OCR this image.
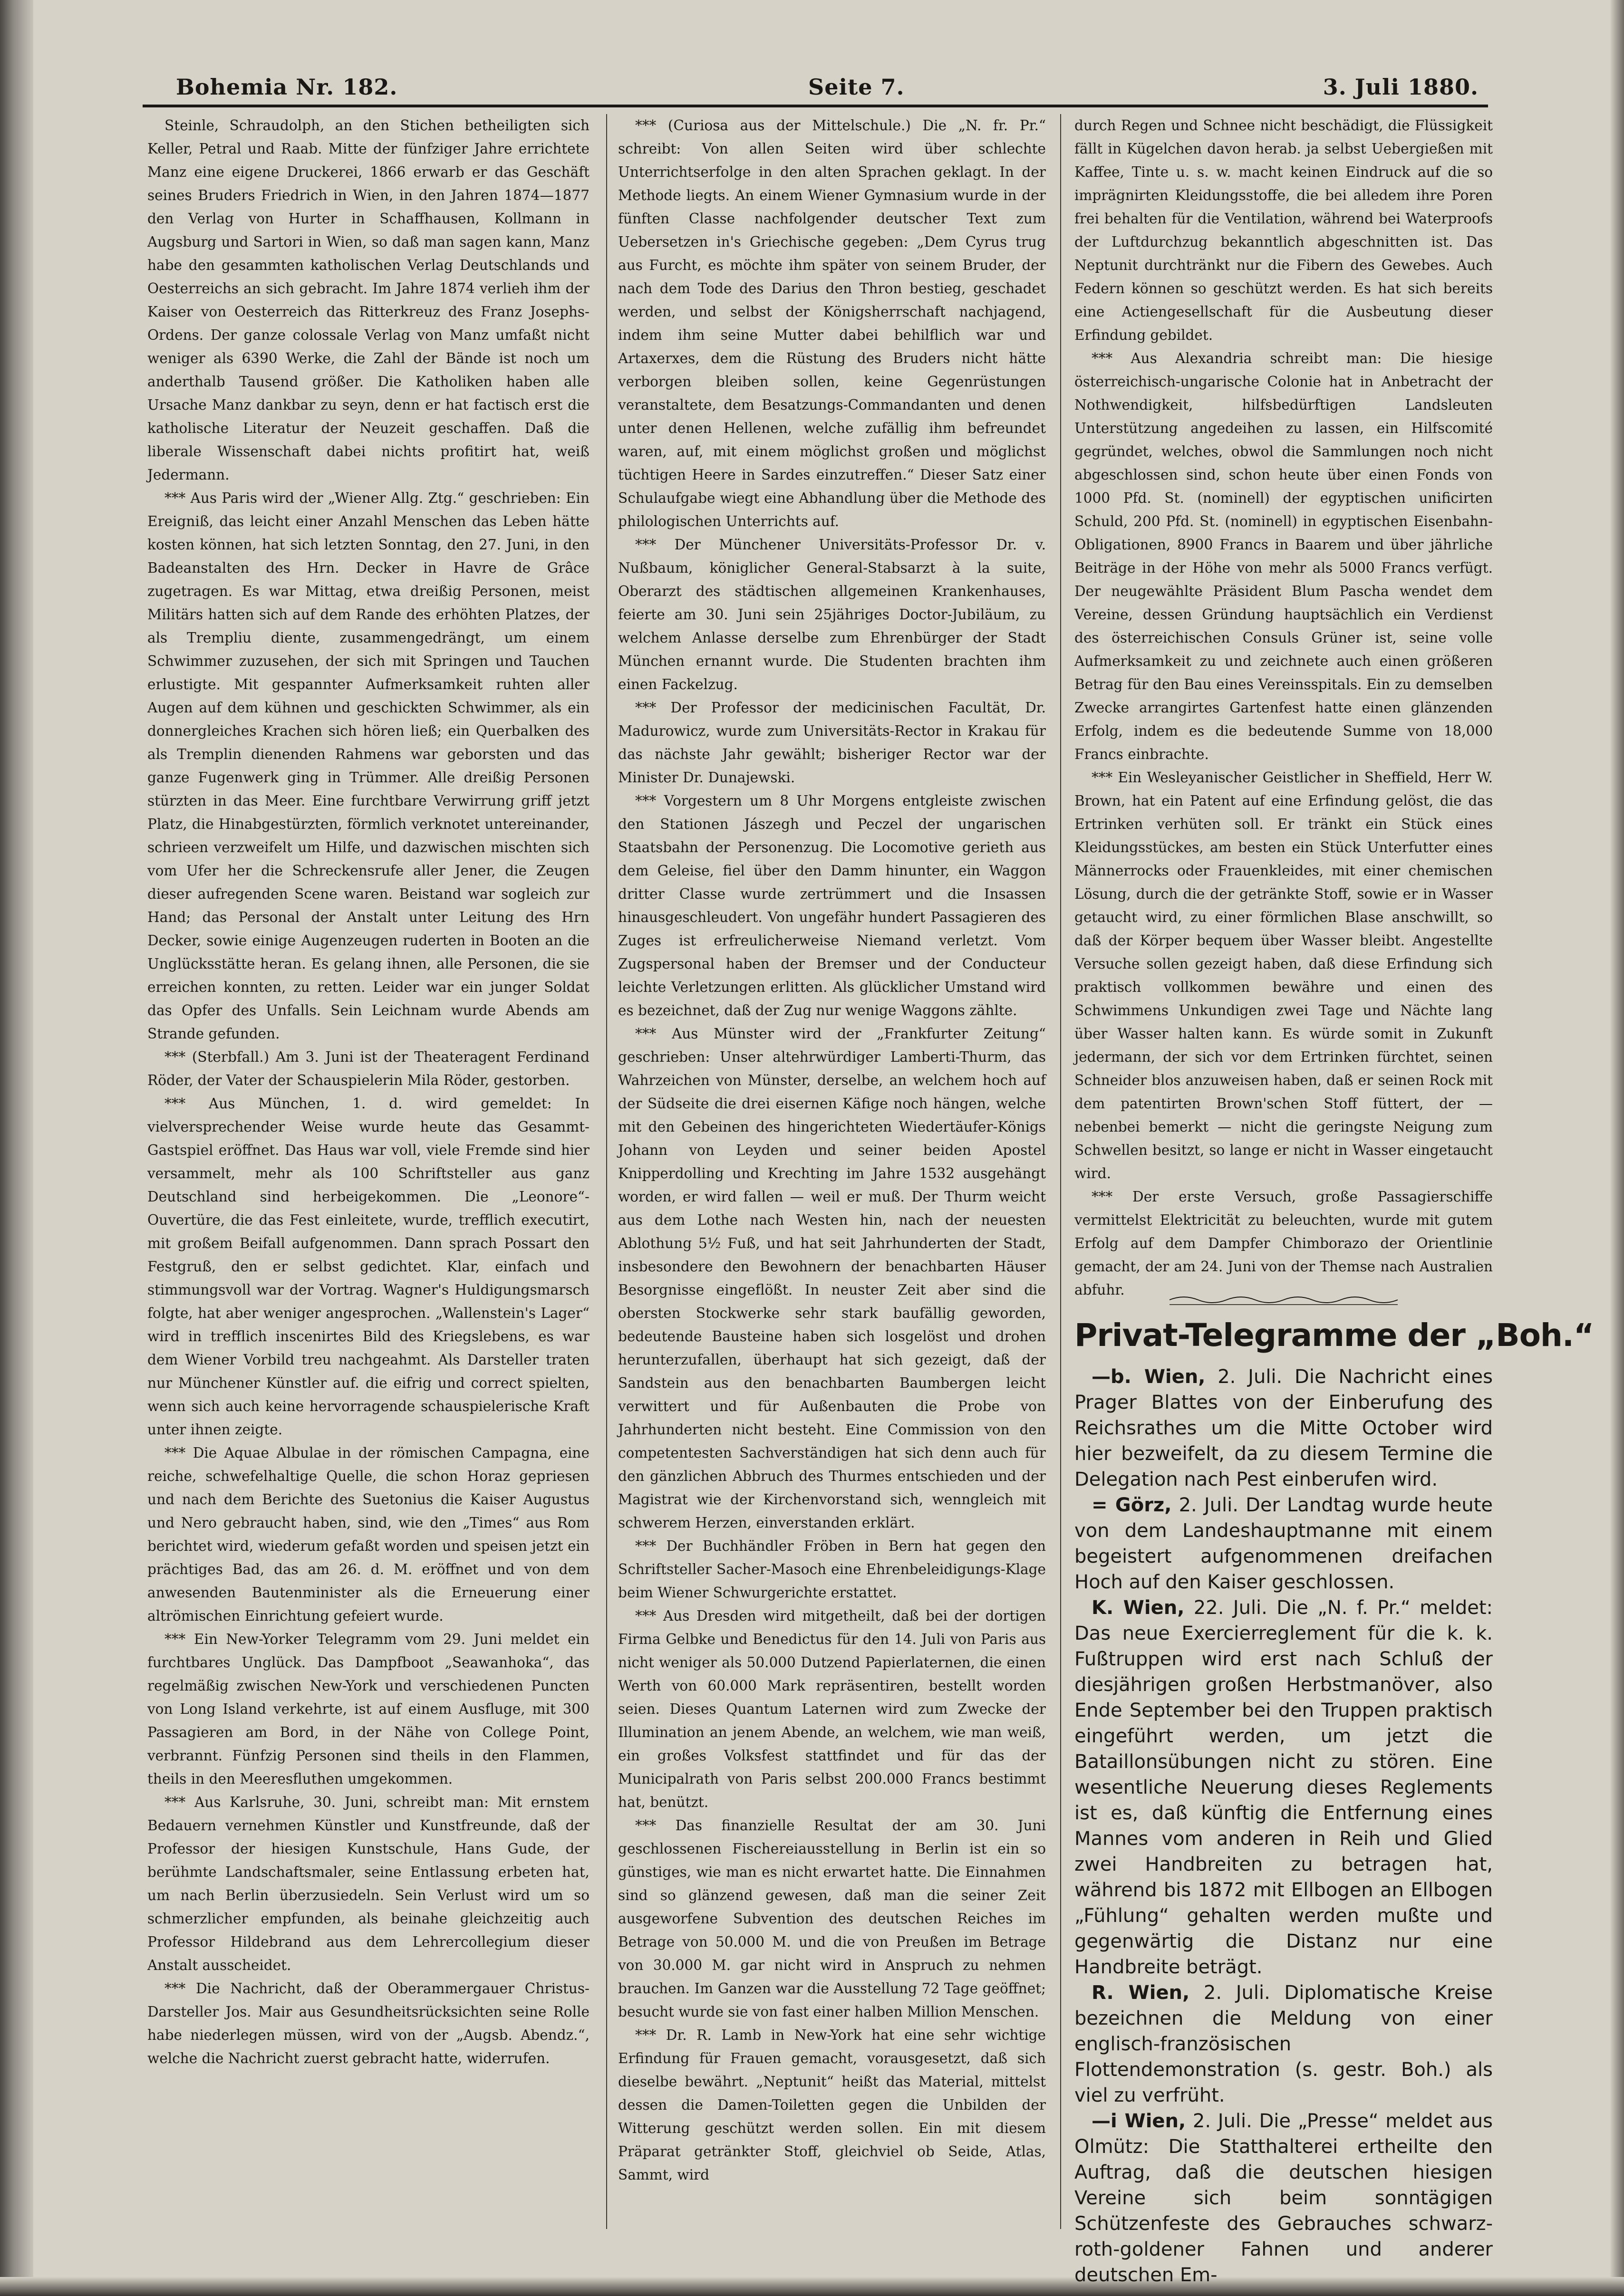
Bohemia Nr. 182.	Seite 7.	3. Juli 1880.

Steinle, Schraudolph, an den Stichen betheiligten sich Keller, Petral und Raab. Mitte der fünfziger Jahre errichtete Manz eine eigene Druckerei, 1866 erwarb er das Geschäft seines Bruders Friedrich in Wien, in den Jahren 1874—1877 den Verlag von Hurter in Schaffhausen, Kollmann in Augsburg und Sartori in Wien, so daß man sagen kann, Manz habe den gesammten katholischen Verlag Deutschlands und Oesterreichs an sich gebracht. Im Jahre 1874 verlieh ihm der Kaiser von Oesterreich das Ritterkreuz des Franz Josephs-Ordens. Der ganze colossale Verlag von Manz umfaßt nicht weniger als 6390 Werke, die Zahl der Bände ist noch um anderthalb Tausend größer. Die Katholiken haben alle Ursache Manz dankbar zu seyn, denn er hat factisch erst die katholische Literatur der Neuzeit geschaffen. Daß die liberale Wissenschaft dabei nichts profitirt hat, weiß Jedermann.

*** Aus Paris wird der „Wiener Allg. Ztg.“ geschrieben: Ein Ereigniß, das leicht einer Anzahl Menschen das Leben hätte kosten können, hat sich letzten Sonntag, den 27. Juni, in den Badeanstalten des Hrn. Decker in Havre de Grâce zugetragen. Es war Mittag, etwa dreißig Personen, meist Militärs hatten sich auf dem Rande des erhöhten Platzes, der als Trempliu diente, zusammengedrängt, um einem Schwimmer zuzusehen, der sich mit Springen und Tauchen erlustigte. Mit gespannter Aufmerksamkeit ruhten aller Augen auf dem kühnen und geschickten Schwimmer, als ein donnergleiches Krachen sich hören ließ; ein Querbalken des als Tremplin dienenden Rahmens war geborsten und das ganze Fugenwerk ging in Trümmer. Alle dreißig Personen stürzten in das Meer. Eine furchtbare Verwirrung griff jetzt Platz, die Hinabgestürzten, förmlich verknotet untereinander, schrieen verzweifelt um Hilfe, und dazwischen mischten sich vom Ufer her die Schreckensrufe aller Jener, die Zeugen dieser aufregenden Scene waren. Beistand war sogleich zur Hand; das Personal der Anstalt unter Leitung des Hrn Decker, sowie einige Augenzeugen ruderten in Booten an die Unglücksstätte heran. Es gelang ihnen, alle Personen, die sie erreichen konnten, zu retten. Leider war ein junger Soldat das Opfer des Unfalls. Sein Leichnam wurde Abends am Strande gefunden.

*** (Sterbfall.) Am 3. Juni ist der Theateragent Ferdinand Röder, der Vater der Schauspielerin Mila Röder, gestorben.

*** Aus München, 1. d. wird gemeldet: In vielversprechender Weise wurde heute das Gesammt-Gastspiel eröffnet. Das Haus war voll, viele Fremde sind hier versammelt, mehr als 100 Schriftsteller aus ganz Deutschland sind herbeigekommen. Die „Leonore“-Ouvertüre, die das Fest einleitete, wurde, trefflich executirt, mit großem Beifall aufgenommen. Dann sprach Possart den Festgruß, den er selbst gedichtet. Klar, einfach und stimmungsvoll war der Vortrag. Wagner's Huldigungsmarsch folgte, hat aber weniger angesprochen. „Wallenstein's Lager“ wird in trefflich inscenirtes Bild des Kriegslebens, es war dem Wiener Vorbild treu nachgeahmt. Als Darsteller traten nur Münchener Künstler auf. die eifrig und correct spielten, wenn sich auch keine hervorragende schauspielerische Kraft unter ihnen zeigte.

*** Die Aquae Albulae in der römischen Campagna, eine reiche, schwefelhaltige Quelle, die schon Horaz gepriesen und nach dem Berichte des Suetonius die Kaiser Augustus und Nero gebraucht haben, sind, wie den „Times“ aus Rom berichtet wird, wiederum gefaßt worden und speisen jetzt ein prächtiges Bad, das am 26. d. M. eröffnet und von dem anwesenden Bautenminister als die Erneuerung einer altrömischen Einrichtung gefeiert wurde.

*** Ein New-Yorker Telegramm vom 29. Juni meldet ein furchtbares Unglück. Das Dampfboot „Seawanhoka“, das regelmäßig zwischen New-York und verschiedenen Puncten von Long Island verkehrte, ist auf einem Ausfluge, mit 300 Passagieren am Bord, in der Nähe von College Point, verbrannt. Fünfzig Personen sind theils in den Flammen, theils in den Meeresfluthen umgekommen.

*** Aus Karlsruhe, 30. Juni, schreibt man: Mit ernstem Bedauern vernehmen Künstler und Kunstfreunde, daß der Professor der hiesigen Kunstschule, Hans Gude, der berühmte Landschaftsmaler, seine Entlassung erbeten hat, um nach Berlin überzusiedeln. Sein Verlust wird um so schmerzlicher empfunden, als beinahe gleichzeitig auch Professor Hildebrand aus dem Lehrercollegium dieser Anstalt ausscheidet.

*** Die Nachricht, daß der Oberammergauer Christus-Darsteller Jos. Mair aus Gesundheitsrücksichten seine Rolle habe niederlegen müssen, wird von der „Augsb. Abendz.“, welche die Nachricht zuerst gebracht hatte, widerrufen.

*** (Curiosa aus der Mittelschule.) Die „N. fr. Pr.“ schreibt: Von allen Seiten wird über schlechte Unterrichtserfolge in den alten Sprachen geklagt. In der Methode liegts. An einem Wiener Gymnasium wurde in der fünften Classe nachfolgender deutscher Text zum Uebersetzen in's Griechische gegeben: „Dem Cyrus trug aus Furcht, es möchte ihm später von seinem Bruder, der nach dem Tode des Darius den Thron bestieg, geschadet werden, und selbst der Königsherrschaft nachjagend, indem ihm seine Mutter dabei behilflich war und Artaxerxes, dem die Rüstung des Bruders nicht hätte verborgen bleiben sollen, keine Gegenrüstungen veranstaltete, dem Besatzungs-Commandanten und denen unter denen Hellenen, welche zufällig ihm befreundet waren, auf, mit einem möglichst großen und möglichst tüchtigen Heere in Sardes einzutreffen.“ Dieser Satz einer Schulaufgabe wiegt eine Abhandlung über die Methode des philologischen Unterrichts auf.

*** Der Münchener Universitäts-Professor Dr. v. Nußbaum, königlicher General-Stabsarzt à la suite, Oberarzt des städtischen allgemeinen Krankenhauses, feierte am 30. Juni sein 25jähriges Doctor-Jubiläum, zu welchem Anlasse derselbe zum Ehrenbürger der Stadt München ernannt wurde. Die Studenten brachten ihm einen Fackelzug.

*** Der Professor der medicinischen Facultät, Dr. Madurowicz, wurde zum Universitäts-Rector in Krakau für das nächste Jahr gewählt; bisheriger Rector war der Minister Dr. Dunajewski.

*** Vorgestern um 8 Uhr Morgens entgleiste zwischen den Stationen Jászegh und Peczel der ungarischen Staatsbahn der Personenzug. Die Locomotive gerieth aus dem Geleise, fiel über den Damm hinunter, ein Waggon dritter Classe wurde zertrümmert und die Insassen hinausgeschleudert. Von ungefähr hundert Passagieren des Zuges ist erfreulicherweise Niemand verletzt. Vom Zugspersonal haben der Bremser und der Conducteur leichte Verletzungen erlitten. Als glücklicher Umstand wird es bezeichnet, daß der Zug nur wenige Waggons zählte.

*** Aus Münster wird der „Frankfurter Zeitung“ geschrieben: Unser altehrwürdiger Lamberti-Thurm, das Wahrzeichen von Münster, derselbe, an welchem hoch auf der Südseite die drei eisernen Käfige noch hängen, welche mit den Gebeinen des hingerichteten Wiedertäufer-Königs Johann von Leyden und seiner beiden Apostel Knipperdolling und Krechting im Jahre 1532 ausgehängt worden, er wird fallen — weil er muß. Der Thurm weicht aus dem Lothe nach Westen hin, nach der neuesten Ablothung 5½ Fuß, und hat seit Jahrhunderten der Stadt, insbesondere den Bewohnern der benachbarten Häuser Besorgnisse eingeflößt. In neuster Zeit aber sind die obersten Stockwerke sehr stark baufällig geworden, bedeutende Bausteine haben sich losgelöst und drohen herunterzufallen, überhaupt hat sich gezeigt, daß der Sandstein aus den benachbarten Baumbergen leicht verwittert und für Außenbauten die Probe von Jahrhunderten nicht besteht. Eine Commission von den competentesten Sachverständigen hat sich denn auch für den gänzlichen Abbruch des Thurmes entschieden und der Magistrat wie der Kirchenvorstand sich, wenngleich mit schwerem Herzen, einverstanden erklärt.

*** Der Buchhändler Fröben in Bern hat gegen den Schriftsteller Sacher-Masoch eine Ehrenbeleidigungs-Klage beim Wiener Schwurgerichte erstattet.

*** Aus Dresden wird mitgetheilt, daß bei der dortigen Firma Gelbke und Benedictus für den 14. Juli von Paris aus nicht weniger als 50.000 Dutzend Papierlaternen, die einen Werth von 60.000 Mark repräsentiren, bestellt worden seien. Dieses Quantum Laternen wird zum Zwecke der Illumination an jenem Abende, an welchem, wie man weiß, ein großes Volksfest stattfindet und für das der Municipalrath von Paris selbst 200.000 Francs bestimmt hat, benützt.

*** Das finanzielle Resultat der am 30. Juni geschlossenen Fischereiausstellung in Berlin ist ein so günstiges, wie man es nicht erwartet hatte. Die Einnahmen sind so glänzend gewesen, daß man die seiner Zeit ausgeworfene Subvention des deutschen Reiches im Betrage von 50.000 M. und die von Preußen im Betrage von 30.000 M. gar nicht wird in Anspruch zu nehmen brauchen. Im Ganzen war die Ausstellung 72 Tage geöffnet; besucht wurde sie von fast einer halben Million Menschen.

*** Dr. R. Lamb in New-York hat eine sehr wichtige Erfindung für Frauen gemacht, vorausgesetzt, daß sich dieselbe bewährt. „Neptunit“ heißt das Material, mittelst dessen die Damen-Toiletten gegen die Unbilden der Witterung geschützt werden sollen. Ein mit diesem Präparat getränkter Stoff, gleichviel ob Seide, Atlas, Sammt, wird

durch Regen und Schnee nicht beschädigt, die Flüssigkeit fällt in Kügelchen davon herab. ja selbst Uebergießen mit Kaffee, Tinte u. s. w. macht keinen Eindruck auf die so imprägnirten Kleidungsstoffe, die bei alledem ihre Poren frei behalten für die Ventilation, während bei Waterproofs der Luftdurchzug bekanntlich abgeschnitten ist. Das Neptunit durchtränkt nur die Fibern des Gewebes. Auch Federn können so geschützt werden. Es hat sich bereits eine Actiengesellschaft für die Ausbeutung dieser Erfindung gebildet.

*** Aus Alexandria schreibt man: Die hiesige österreichisch-ungarische Colonie hat in Anbetracht der Nothwendigkeit, hilfsbedürftigen Landsleuten Unterstützung angedeihen zu lassen, ein Hilfscomité gegründet, welches, obwol die Sammlungen noch nicht abgeschlossen sind, schon heute über einen Fonds von 1000 Pfd. St. (nominell) der egyptischen unificirten Schuld, 200 Pfd. St. (nominell) in egyptischen Eisenbahn-Obligationen, 8900 Francs in Baarem und über jährliche Beiträge in der Höhe von mehr als 5000 Francs verfügt. Der neugewählte Präsident Blum Pascha wendet dem Vereine, dessen Gründung hauptsächlich ein Verdienst des österreichischen Consuls Grüner ist, seine volle Aufmerksamkeit zu und zeichnete auch einen größeren Betrag für den Bau eines Vereinsspitals. Ein zu demselben Zwecke arrangirtes Gartenfest hatte einen glänzenden Erfolg, indem es die bedeutende Summe von 18,000 Francs einbrachte.

*** Ein Wesleyanischer Geistlicher in Sheffield, Herr W. Brown, hat ein Patent auf eine Erfindung gelöst, die das Ertrinken verhüten soll. Er tränkt ein Stück eines Kleidungsstückes, am besten ein Stück Unterfutter eines Männerrocks oder Frauenkleides, mit einer chemischen Lösung, durch die der getränkte Stoff, sowie er in Wasser getaucht wird, zu einer förmlichen Blase anschwillt, so daß der Körper bequem über Wasser bleibt. Angestellte Versuche sollen gezeigt haben, daß diese Erfindung sich praktisch vollkommen bewähre und einen des Schwimmens Unkundigen zwei Tage und Nächte lang über Wasser halten kann. Es würde somit in Zukunft jedermann, der sich vor dem Ertrinken fürchtet, seinen Schneider blos anzuweisen haben, daß er seinen Rock mit dem patentirten Brown'schen Stoff füttert, der — nebenbei bemerkt — nicht die geringste Neigung zum Schwellen besitzt, so lange er nicht in Wasser eingetaucht wird.

*** Der erste Versuch, große Passagierschiffe vermittelst Elektricität zu beleuchten, wurde mit gutem Erfolg auf dem Dampfer Chimborazo der Orientlinie gemacht, der am 24. Juni von der Themse nach Australien abfuhr.

Privat-Telegramme der „Boh.“

—b. Wien, 2. Juli. Die Nachricht eines Prager Blattes von der Einberufung des Reichsrathes um die Mitte October wird hier bezweifelt, da zu diesem Termine die Delegation nach Pest einberufen wird.

= Görz, 2. Juli. Der Landtag wurde heute von dem Landeshauptmanne mit einem begeistert aufgenommenen dreifachen Hoch auf den Kaiser geschlossen.

K. Wien, 22. Juli. Die „N. f. Pr.“ meldet: Das neue Exercierreglement für die k. k. Fußtruppen wird erst nach Schluß der diesjährigen großen Herbstmanöver, also Ende September bei den Truppen praktisch eingeführt werden, um jetzt die Bataillonsübungen nicht zu stören. Eine wesentliche Neuerung dieses Reglements ist es, daß künftig die Entfernung eines Mannes vom anderen in Reih und Glied zwei Handbreiten zu betragen hat, während bis 1872 mit Ellbogen an Ellbogen „Fühlung“ gehalten werden mußte und gegenwärtig die Distanz nur eine Handbreite beträgt.

R. Wien, 2. Juli. Diplomatische Kreise bezeichnen die Meldung von einer englisch-französischen Flottendemonstration (s. gestr. Boh.) als viel zu verfrüht.

—i Wien, 2. Juli. Die „Presse“ meldet aus Olmütz: Die Statthalterei ertheilte den Auftrag, daß die deutschen hiesigen Vereine sich beim sonntägigen Schützenfeste des Gebrauches schwarz-roth-goldener Fahnen und anderer deutschen Em-
